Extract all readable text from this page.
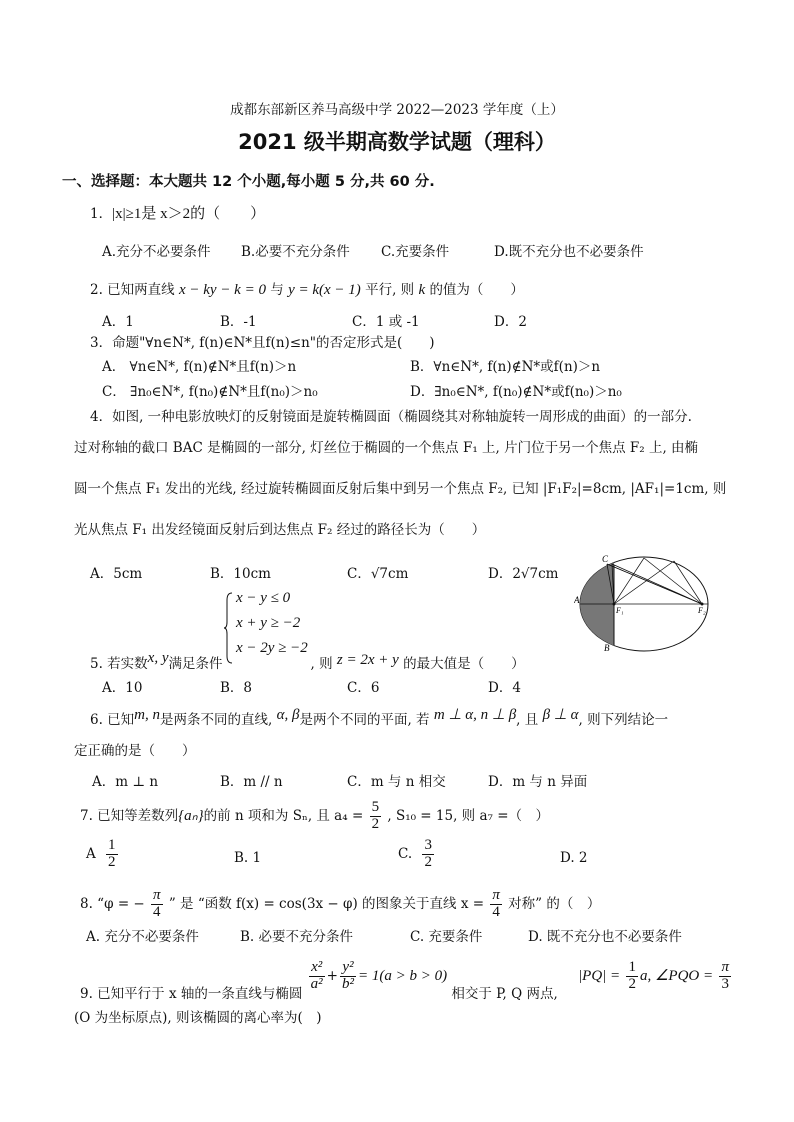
成都东部新区养马高级中学 2022—2023 学年度（上）
2021 级半期高数学试题（理科）
一、选择题：本大题共 12 个小题,每小题 5 分,共 60 分.
1．|x|≥1是 x＞2的（　　）
A.充分不必要条件 B.必要不充分条件 C.充要条件	D.既不充分也不必要条件
2. 已知两直线 x − ky − k = 0 与 y = k(x − 1) 平行, 则 k 的值为（　　）
A．1	B．-1	C．1 或 -1	D．2
3．命题"∀n∈N*, f(n)∈N*且f(n)≤n"的否定形式是(　　)
A． ∀n∈N*, f(n)∉N*且f(n)＞n	B．∀n∈N*, f(n)∉N*或f(n)＞n
C． ∃n₀∈N*, f(n₀)∉N*且f(n₀)＞n₀	D．∃n₀∈N*, f(n₀)∉N*或f(n₀)＞n₀
4．如图, 一种电影放映灯的反射镜面是旋转椭圆面（椭圆绕其对称轴旋转一周形成的曲面）的一部分.
过对称轴的截口 BAC 是椭圆的一部分, 灯丝位于椭圆的一个焦点 F₁ 上, 片门位于另一个焦点 F₂ 上, 由椭
圆一个焦点 F₁ 发出的光线, 经过旋转椭圆面反射后集中到另一个焦点 F₂, 已知 |F₁F₂|=8cm, |AF₁|=1cm, 则
光从焦点 F₁ 出发经镜面反射后到达焦点 F₂ 经过的路径长为（　　）
A．5cm	B．10cm	C．√7cm	D．2√7cm
C
A
B
F₁	F₂
x − y ≤ 0
x + y ≥ −2
x − 2y ≥ −2
5. 若实数x, y满足条件	, 则 z = 2x + y 的最大值是（　　）
A．10	B．8	C．6	D．4
6. 已知m, n是两条不同的直线, α, β是两个不同的平面, 若 m ⊥ α, n ⊥ β, 且 β ⊥ α, 则下列结论一
定正确的是（　　）
A．m ⊥ n	B．m // n	C．m 与 n 相交	D．m 与 n 异面
7. 已知等差数列{aₙ}的前 n 项和为 Sₙ, 且 $a_4 = \frac{5}{2}$ , S₁₀ = 15, 则 a₇ =（　）
A $\frac{1}{2}$	B. 1	C. $\frac{3}{2}$	D. 2
8. “φ = − $\frac{\pi}{4}$ ” 是 “函数 f(x) = cos(3x − φ) 的图象关于直线 $x = \frac{\pi}{4}$ 对称” 的（　）
A. 充分不必要条件	B. 必要不充分条件	C. 充要条件	D. 既不充分也不必要条件
9. 已知平行于 x 轴的一条直线与椭圆
$\frac{\text{x²}}{\text{a²}} + \frac{\text{y²}}{\text{b²}} = 1(a > b > 0)$ 相交于 P, Q 两点, $|PQ| = \frac{1}{2} a$, ∠PQO = $\frac{\pi}{3}$
(O 为坐标原点), 则该椭圆的离心率为(　)
